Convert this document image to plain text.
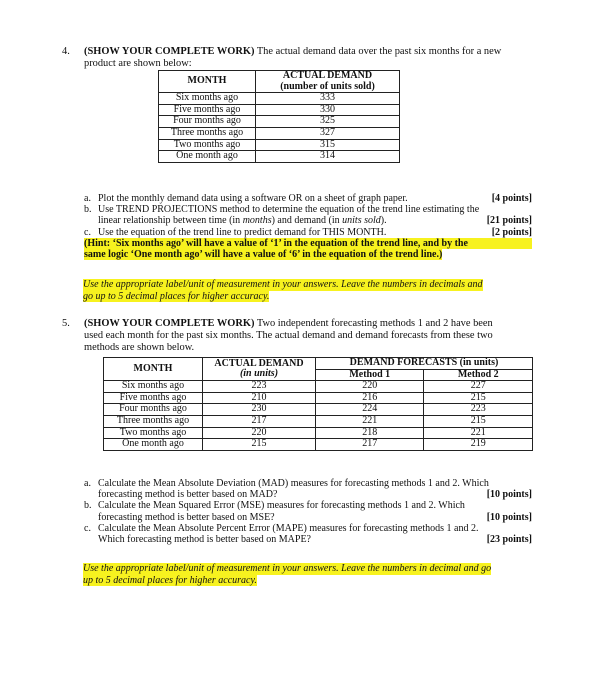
4. (SHOW YOUR COMPLETE WORK) The actual demand data over the past six months for a new
product are shown below:
MONTH	ACTUAL DEMAND
(number of units sold)

Six months ago	333
Five months ago	330
Four months ago	325
Three months ago	327
Two months ago	315
One month ago	314
a. Plot the monthly demand data using a software OR on a sheet of graph paper.	[4 points]
b. Use TREND PROJECTIONS method to determine the equation of the trend line estimating the
linear relationship between time (in months) and demand (in units sold).	[21 points]
c. Use the equation of the trend line to predict demand for THIS MONTH.	[2 points]
(Hint: ‘Six months ago’ will have a value of ‘1’ in the equation of the trend line, and by the
same logic ‘One month ago’ will have a value of ‘6’ in the equation of the trend line.)
Use the appropriate label/unit of measurement in your answers. Leave the numbers in decimals and
go up to 5 decimal places for higher accuracy.
5. (SHOW YOUR COMPLETE WORK) Two independent forecasting methods 1 and 2 have been
used each month for the past six months. The actual demand and demand forecasts from these two
methods are shown below.
MONTH	ACTUAL DEMAND
(in units)	DEMAND FORECASTS (in units)	
		Method 1	Method 2
Six months ago	223	220	227
Five months ago	210	216	215
Four months ago	230	224	223
Three months ago	217	221	215
Two months ago	220	218	221
One month ago	215	217	219
a. Calculate the Mean Absolute Deviation (MAD) measures for forecasting methods 1 and 2. Which
forecasting method is better based on MAD?	[10 points]
b. Calculate the Mean Squared Error (MSE) measures for forecasting methods 1 and 2. Which
forecasting method is better based on MSE?	[10 points]
c. Calculate the Mean Absolute Percent Error (MAPE) measures for forecasting methods 1 and 2.
Which forecasting method is better based on MAPE?	[23 points]
Use the appropriate label/unit of measurement in your answers. Leave the numbers in decimal and go
up to 5 decimal places for higher accuracy.
